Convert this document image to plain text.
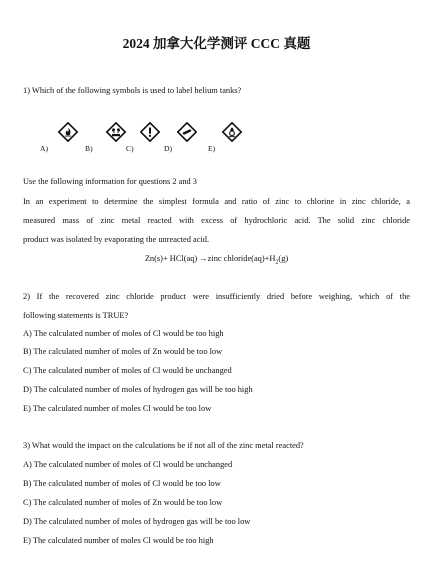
2024 加拿大化学测评 CCC 真题
1) Which of the following symbols is used to label helium tanks?
A)	B)	C)	D)	E)
Use the following information for questions 2 and 3
In an experiment to determine the simplest formula and ratio of zinc to chlorine in zinc chloride, a
measured mass of zinc metal reacted with excess of hydrochloric acid. The solid zinc chloride
product was isolated by evaporating the unreacted acid.
Zn(s)+ HCl(aq) →zinc $chloride(aq)+H_2(g)$
2) If the recovered zinc chloride product were insufficiently dried before weighing, which of the
following statements is TRUE?
A) The calculated number of moles of Cl would be too high
B) The calculated number of moles of Zn would be too low
C) The calculated number of moles of Cl would be unchanged
D) The calculated number of moles of hydrogen gas will be too high
E) The calculated number of moles Cl would be too low
3) What would the impact on the calculations be if not all of the zinc metal reacted?
A) The calculated number of moles of Cl would be unchanged
B) The calculated number of moles of Cl would be too low
C) The calculated number of moles of Zn would be too low
D) The calculated number of moles of hydrogen gas will be too low
E) The calculated number of moles Cl would be too high
